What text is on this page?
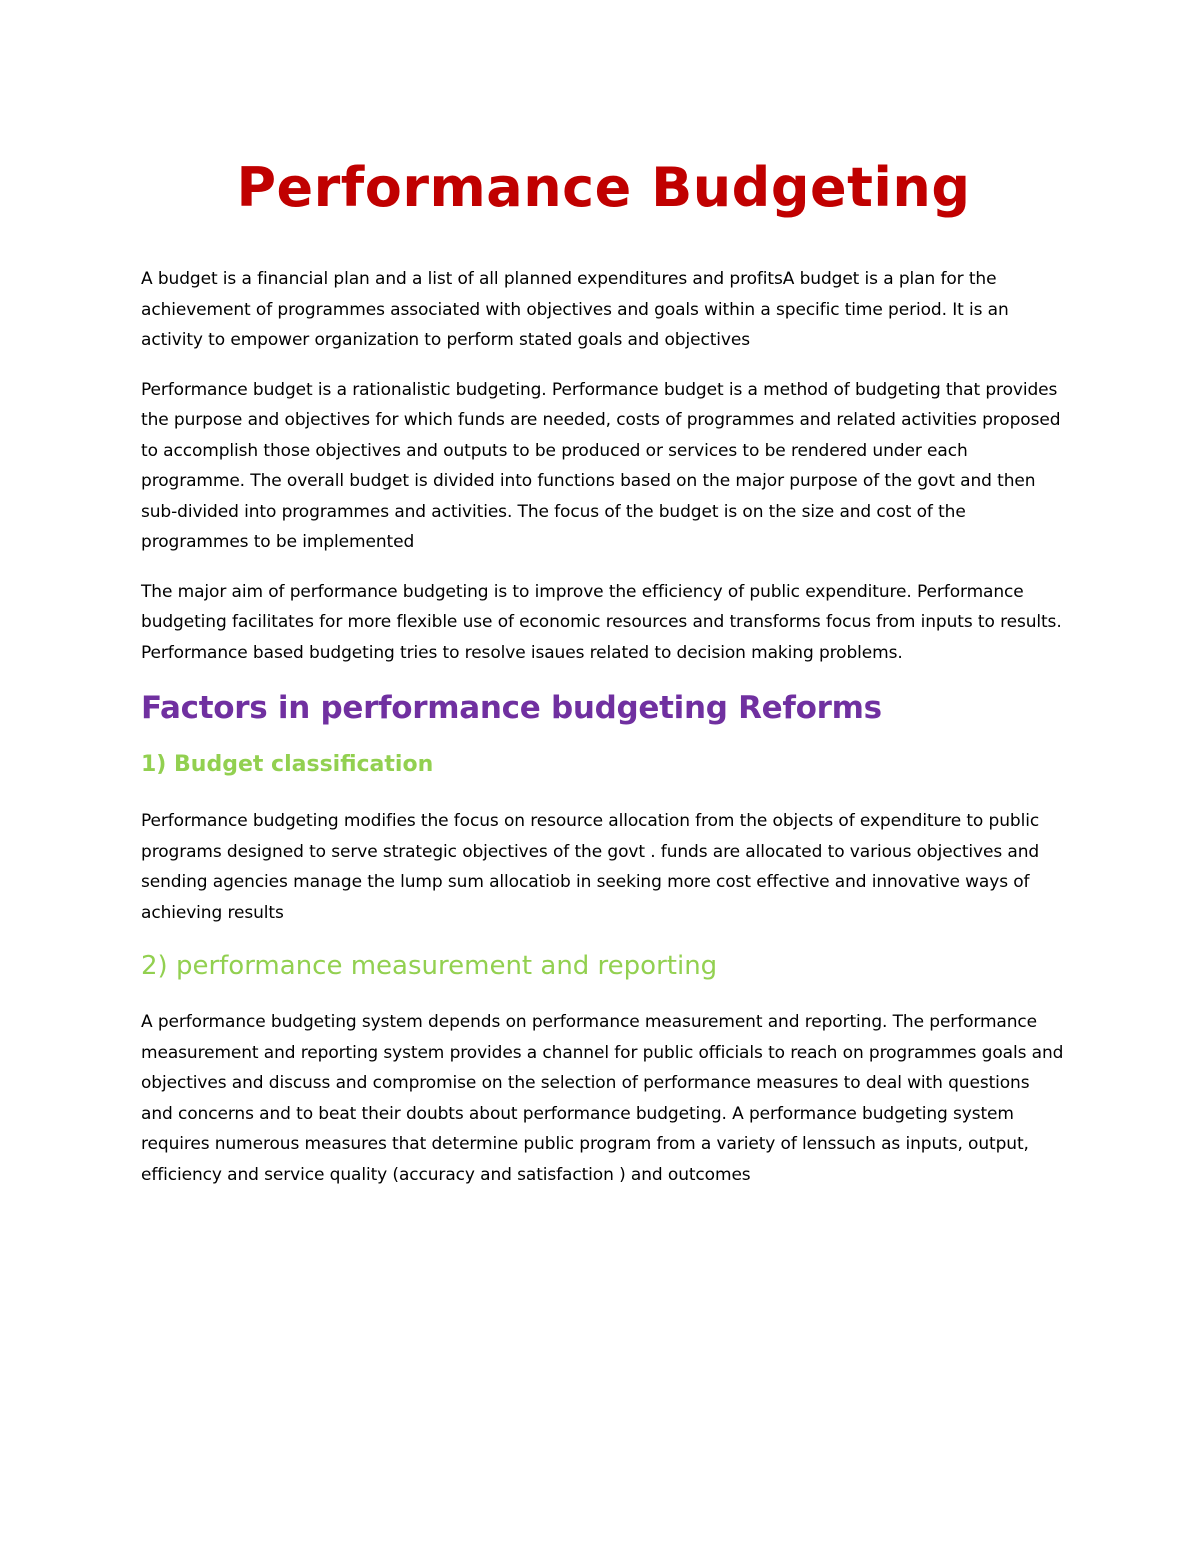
Performance Budgeting

A budget is a financial plan and a list of all planned expenditures and profitsA budget is a plan for the achievement of programmes associated with objectives and goals within a specific time period. It is an activity to empower organization to perform stated goals and objectives

Performance budget is a rationalistic budgeting. Performance budget is a method of budgeting that provides the purpose and objectives for which funds are needed, costs of programmes and related activities proposed to accomplish those objectives and outputs to be produced or services to be rendered under each programme. The overall budget is divided into functions based on the major purpose of the govt and then sub-divided into programmes and activities. The focus of the budget is on the size and cost of the programmes to be implemented

The major aim of performance budgeting is to improve the efficiency of public expenditure. Performance budgeting facilitates for more flexible use of economic resources and transforms focus from inputs to results. Performance based budgeting tries to resolve isaues related to decision making problems.

Factors in performance budgeting Reforms
1) Budget classification

Performance budgeting modifies the focus on resource allocation from the objects of expenditure to public programs designed to serve strategic objectives of the govt . funds are allocated to various objectives and sending agencies manage the lump sum allocatiob in seeking more cost effective and innovative ways of achieving results

2) performance measurement and reporting

A performance budgeting system depends on performance measurement and reporting. The performance measurement and reporting system provides a channel for public officials to reach on programmes goals and objectives and discuss and compromise on the selection of performance measures to deal with questions and concerns and to beat their doubts about performance budgeting. A performance budgeting system requires numerous measures that determine public program from a variety of lenssuch as inputs, output, efficiency and service quality (accuracy and satisfaction ) and outcomes
